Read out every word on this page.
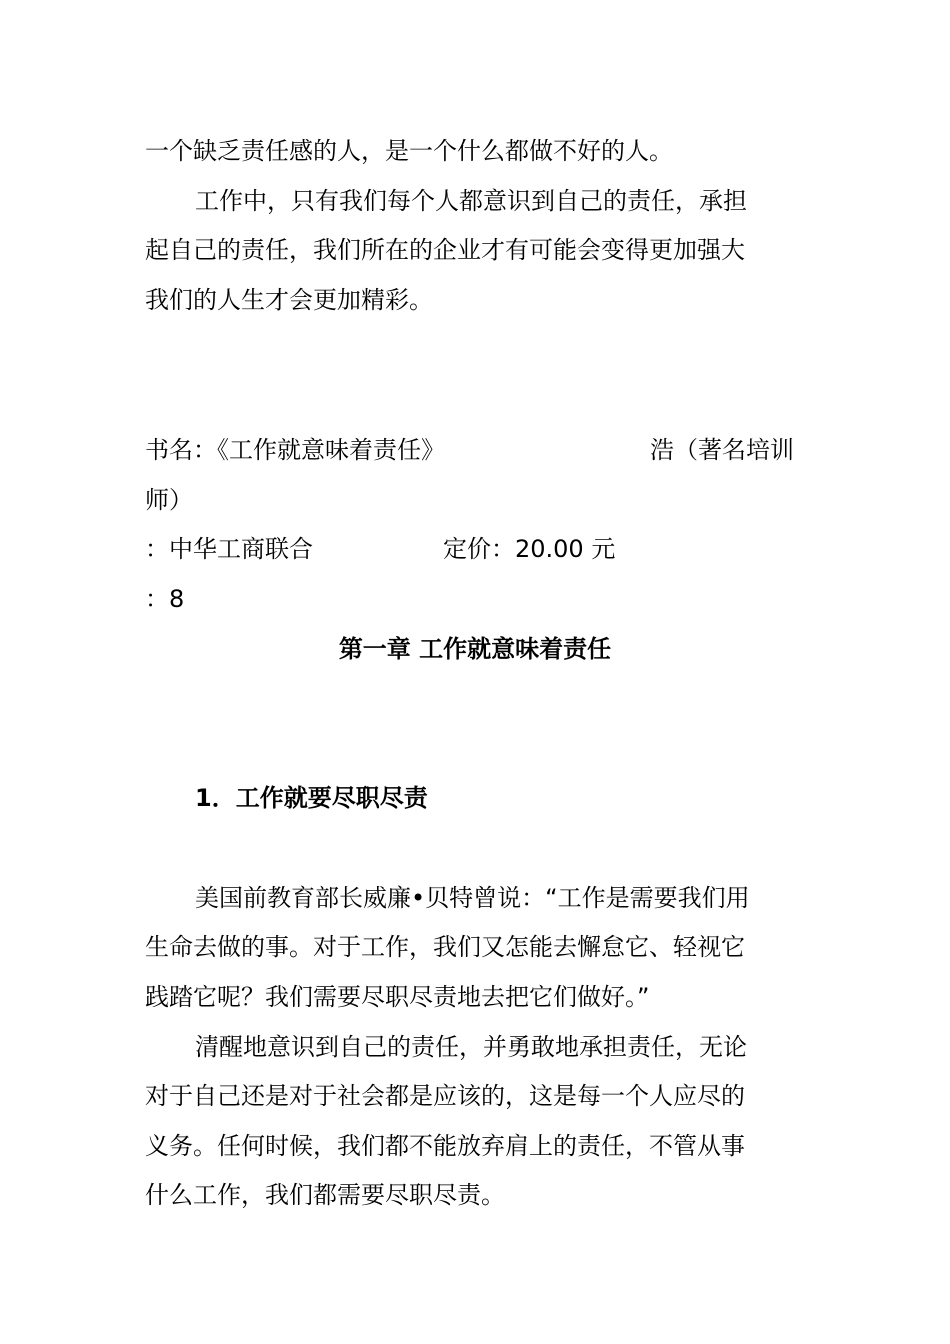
一个缺乏责任感的人，是一个什么都做不好的人。
工作中，只有我们每个人都意识到自己的责任，承担
起自己的责任，我们所在的企业才有可能会变得更加强大
我们的人生才会更加精彩。
书名：《工作就意味着责任》	浩（著名培训
师）
：中华工商联合	定价：20.00 元
：8
第一章 工作就意味着责任
1．工作就要尽职尽责
美国前教育部长威廉•贝特曾说：“工作是需要我们用
生命去做的事。对于工作，我们又怎能去懈怠它、轻视它
践踏它呢？我们需要尽职尽责地去把它们做好。”
清醒地意识到自己的责任，并勇敢地承担责任，无论
对于自己还是对于社会都是应该的，这是每一个人应尽的
义务。任何时候，我们都不能放弃肩上的责任，不管从事
什么工作，我们都需要尽职尽责。
